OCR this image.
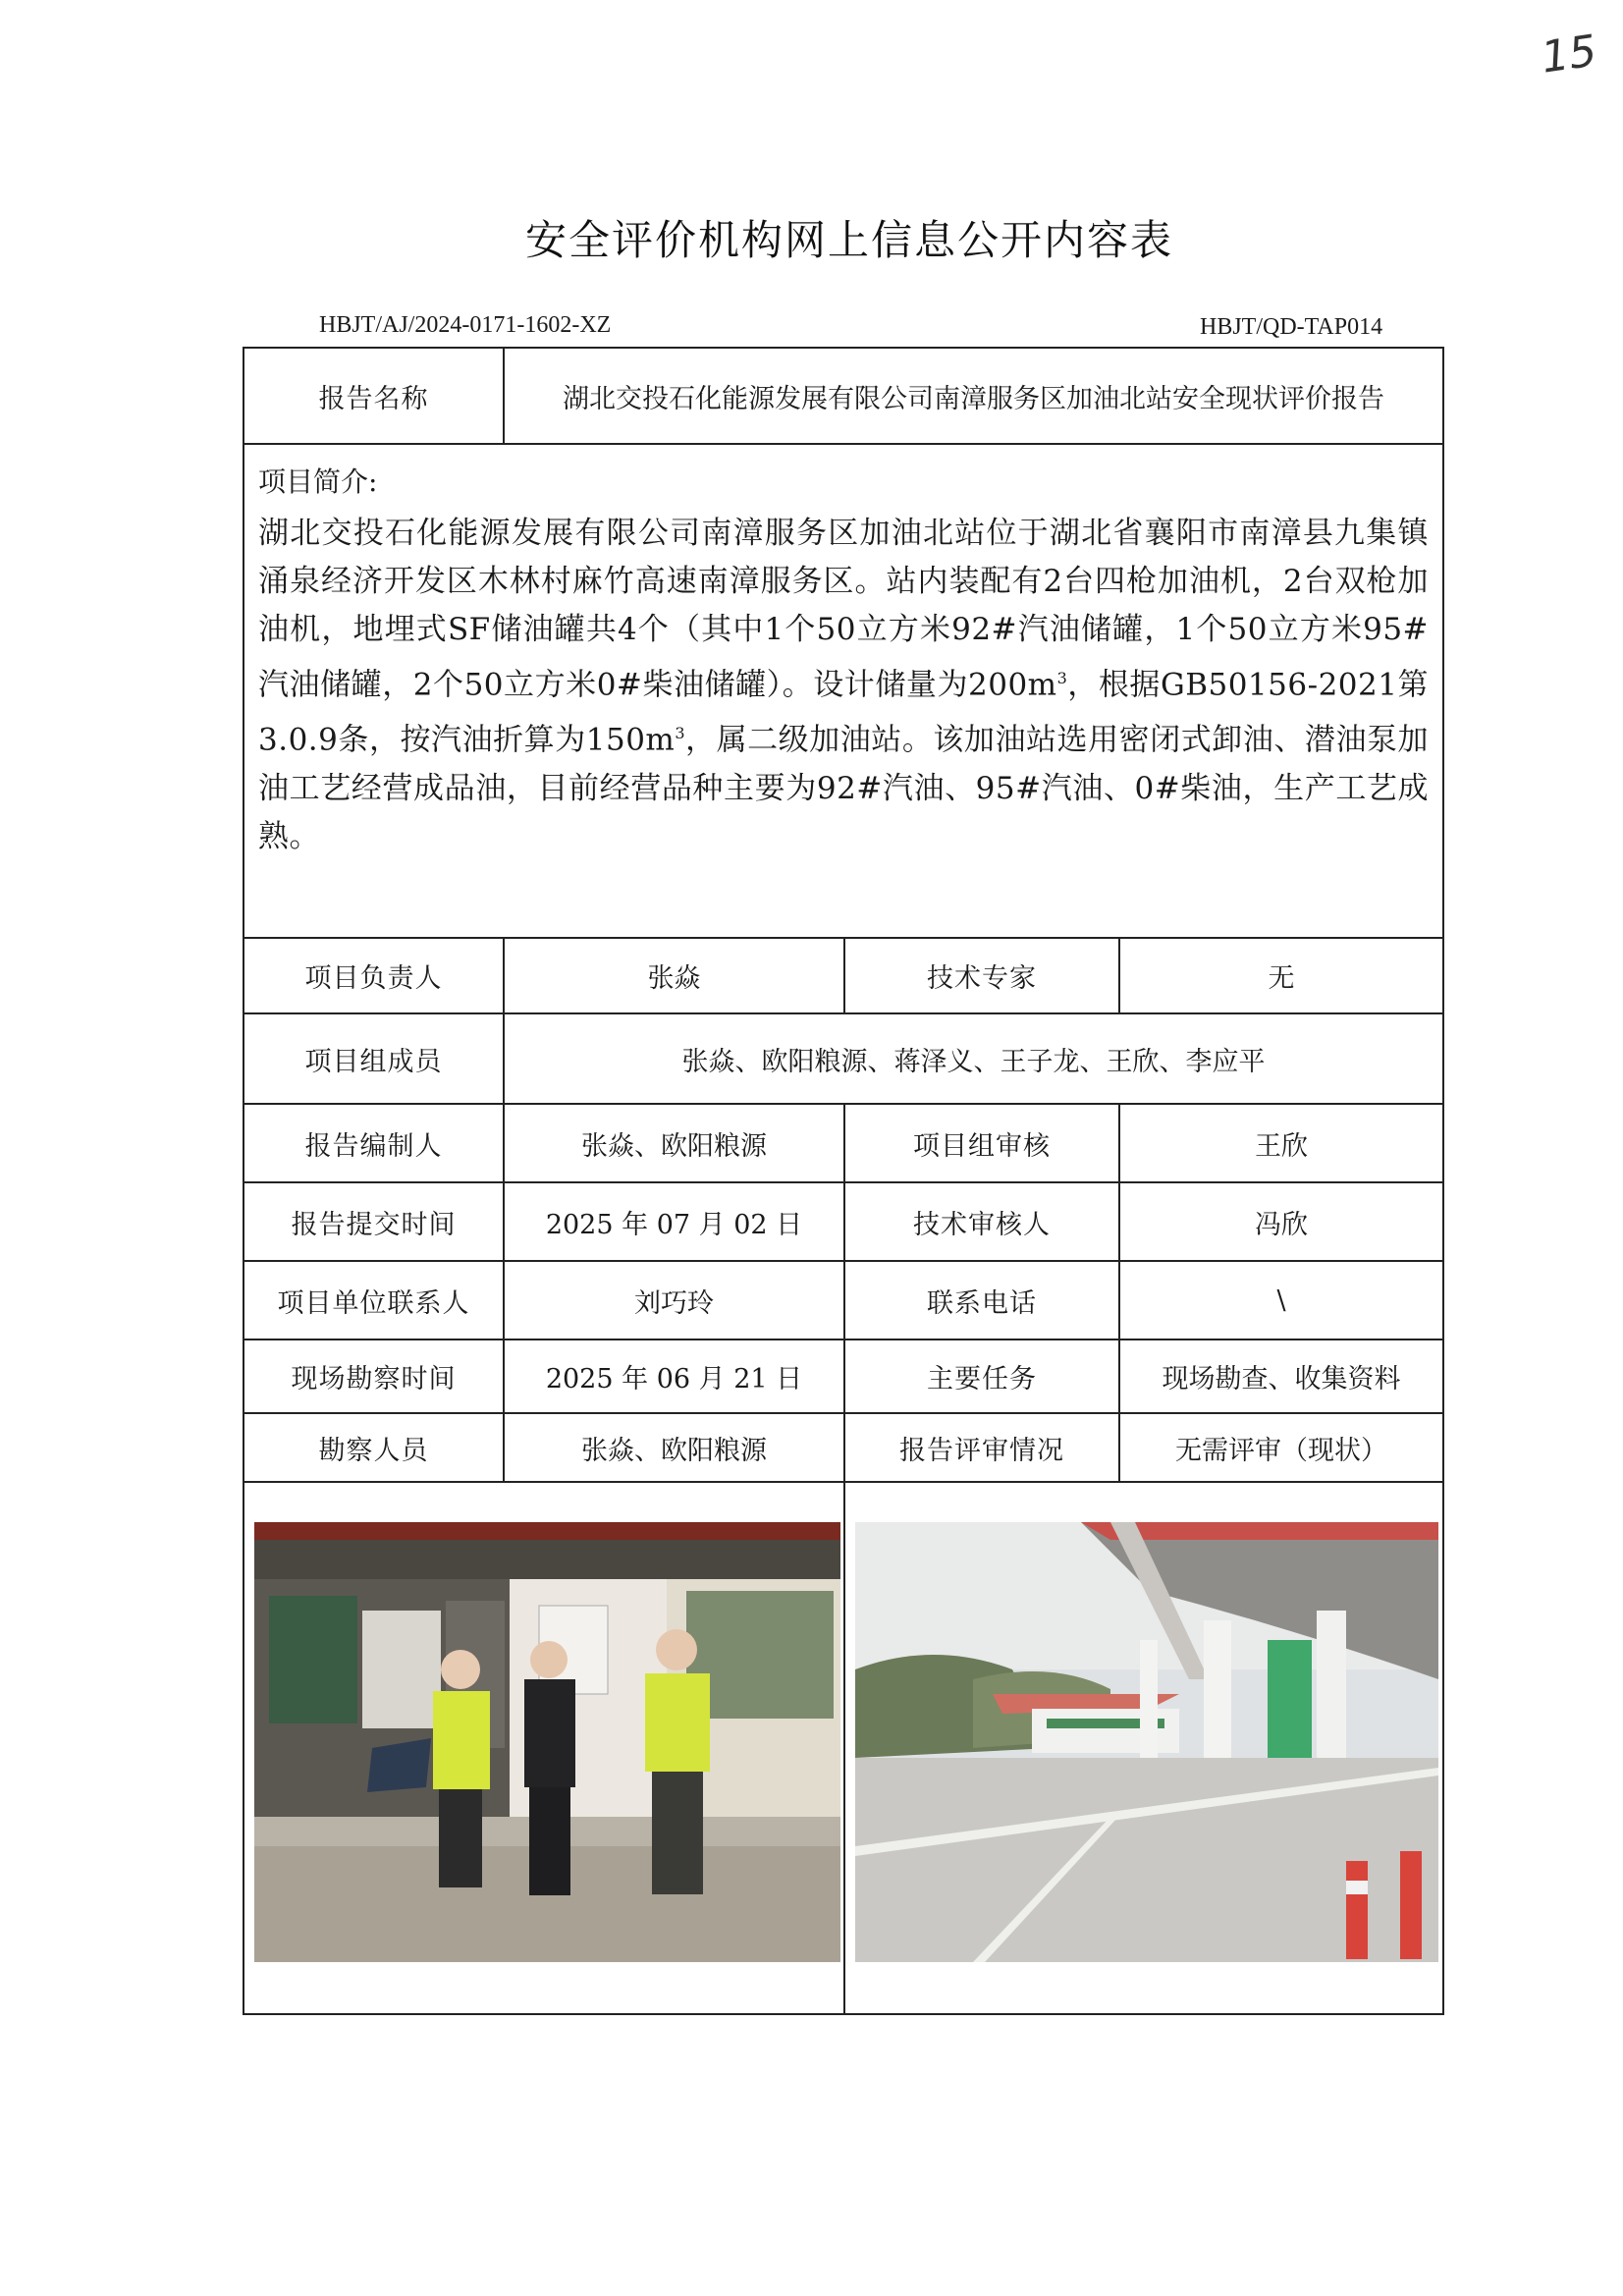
15
安全评价机构网上信息公开内容表
HBJT/AJ/2024-0171-1602-XZ	HBJT/QD-TAP014
报告名称	湖北交投石化能源发展有限公司南漳服务区加油北站安全现状评价报告		

项目简介:
湖北交投石化能源发展有限公司南漳服务区加油北站位于湖北省襄阳市南漳县九集镇涌泉经济开发区木林村麻竹高速南漳服务区。站内装配有2台四枪加油机，2台双枪加油机，地埋式SF储油罐共4个（其中1个50立方米92#汽油储罐，1个50立方米95#汽油储罐，2个50立方米0#柴油储罐）。设计储量为$200m^3$，根据GB50156-2021第3.0.9条，按汽油折算为$150m^3$，属二级加油站。该加油站选用密闭式卸油、潜油泵加油工艺经营成品油，目前经营品种主要为92#汽油、95#汽油、0#柴油，生产工艺成熟。			

项目负责人	张焱	技术专家	无
项目组成员	张焱、欧阳粮源、蒋泽义、王子龙、王欣、李应平		
报告编制人	张焱、欧阳粮源	项目组审核	王欣
报告提交时间	2025 年 07 月 02 日	技术审核人	冯欣
项目单位联系人	刘巧玲	联系电话	\
现场勘察时间	2025 年 06 月 21 日	主要任务	现场勘查、收集资料
勘察人员	张焱、欧阳粮源	报告评审情况	无需评审（现状）
